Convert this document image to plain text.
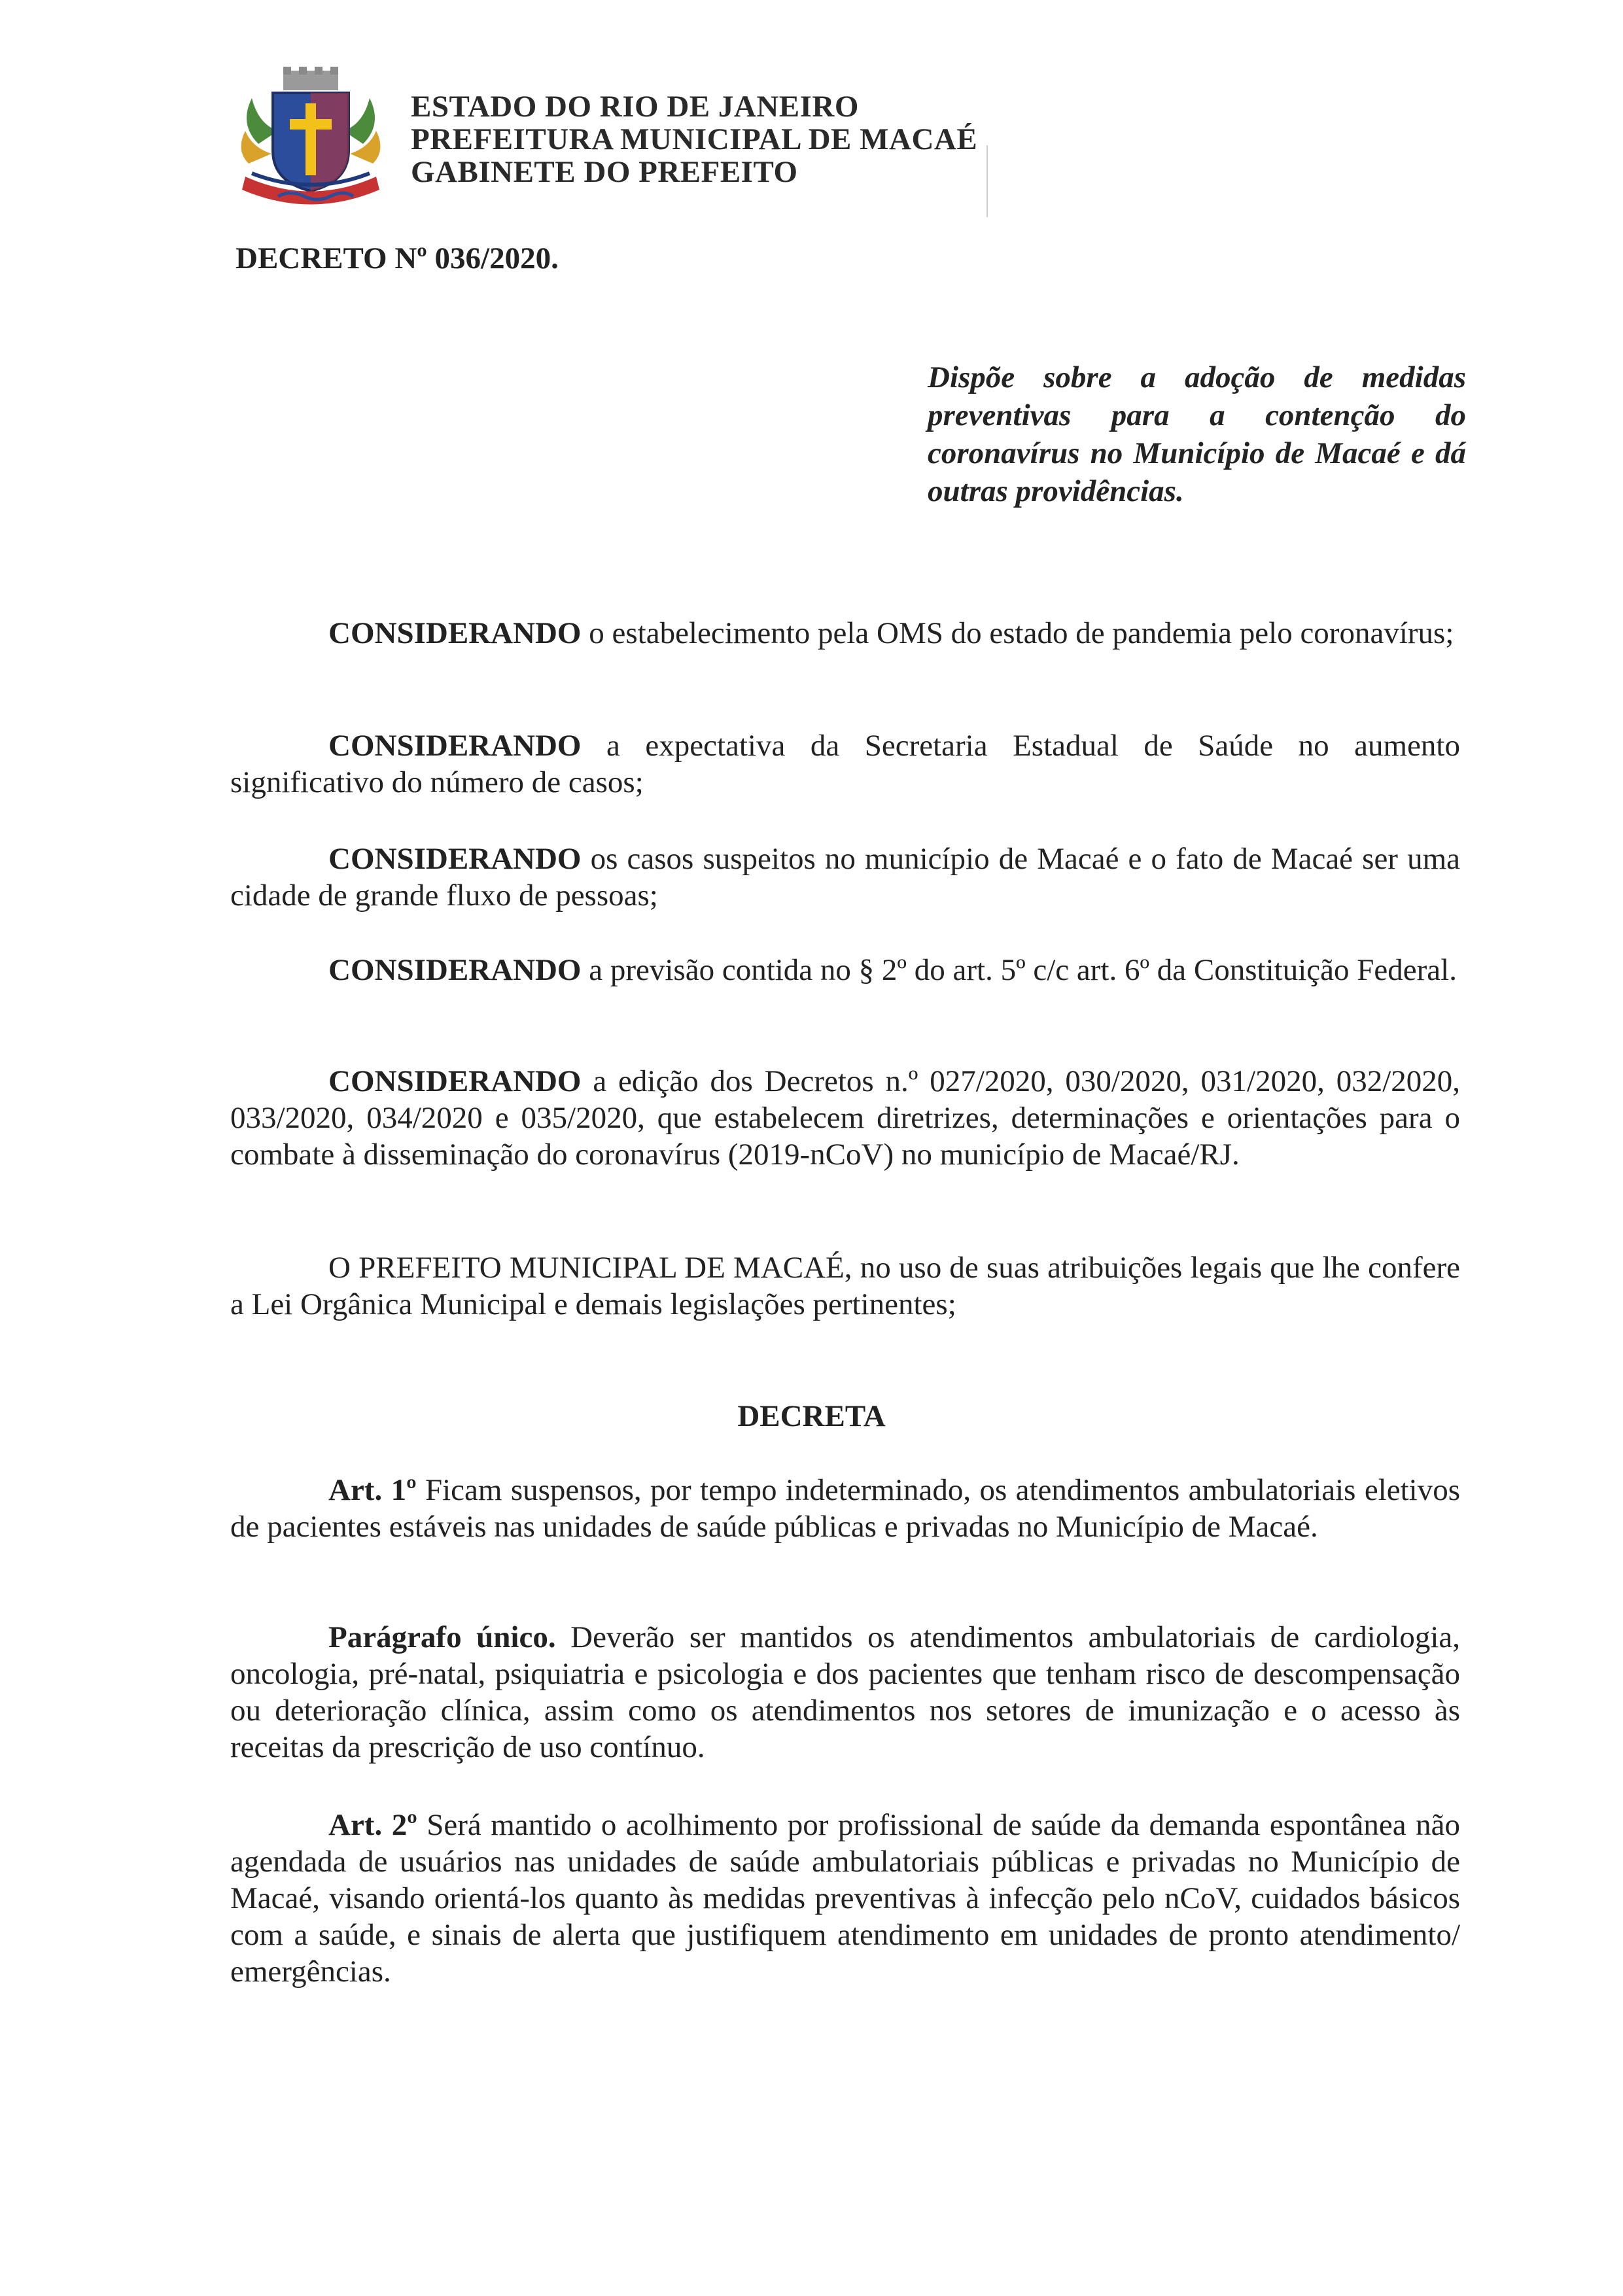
ESTADO DO RIO DE JANEIRO
PREFEITURA MUNICIPAL DE MACAÉ
GABINETE DO PREFEITO
DECRETO Nº 036/2020.
Dispõe sobre a adoção de medidas preventivas para a contenção do coronavírus no Município de Macaé e dá outras providências.

CONSIDERANDO o estabelecimento pela OMS do estado de pandemia pelo coronavírus;

CONSIDERANDO a expectativa da Secretaria Estadual de Saúde no aumento significativo do número de casos;

CONSIDERANDO os casos suspeitos no município de Macaé e o fato de Macaé ser uma cidade de grande fluxo de pessoas;

CONSIDERANDO a previsão contida no § 2º do art. 5º c/c art. 6º da Constituição Federal.

CONSIDERANDO a edição dos Decretos n.º 027/2020, 030/2020, 031/2020, 032/2020, 033/2020, 034/2020 e 035/2020, que estabelecem diretrizes, determinações e orientações para o combate à disseminação do coronavírus (2019-nCoV) no município de Macaé/RJ.

O PREFEITO MUNICIPAL DE MACAÉ, no uso de suas atribuições legais que lhe confere a Lei Orgânica Municipal e demais legislações pertinentes;

DECRETA

Art. 1º Ficam suspensos, por tempo indeterminado, os atendimentos ambulatoriais eletivos de pacientes estáveis nas unidades de saúde públicas e privadas no Município de Macaé.

Parágrafo único. Deverão ser mantidos os atendimentos ambulatoriais de cardiologia, oncologia, pré-natal, psiquiatria e psicologia e dos pacientes que tenham risco de descompensação ou deterioração clínica, assim como os atendimentos nos setores de imunização e o acesso às receitas da prescrição de uso contínuo.

Art. 2º Será mantido o acolhimento por profissional de saúde da demanda espontânea não agendada de usuários nas unidades de saúde ambulatoriais públicas e privadas no Município de Macaé, visando orientá-los quanto às medidas preventivas à infecção pelo nCoV, cuidados básicos com a saúde, e sinais de alerta que justifiquem atendimento em unidades de pronto atendimento/ emergências.
